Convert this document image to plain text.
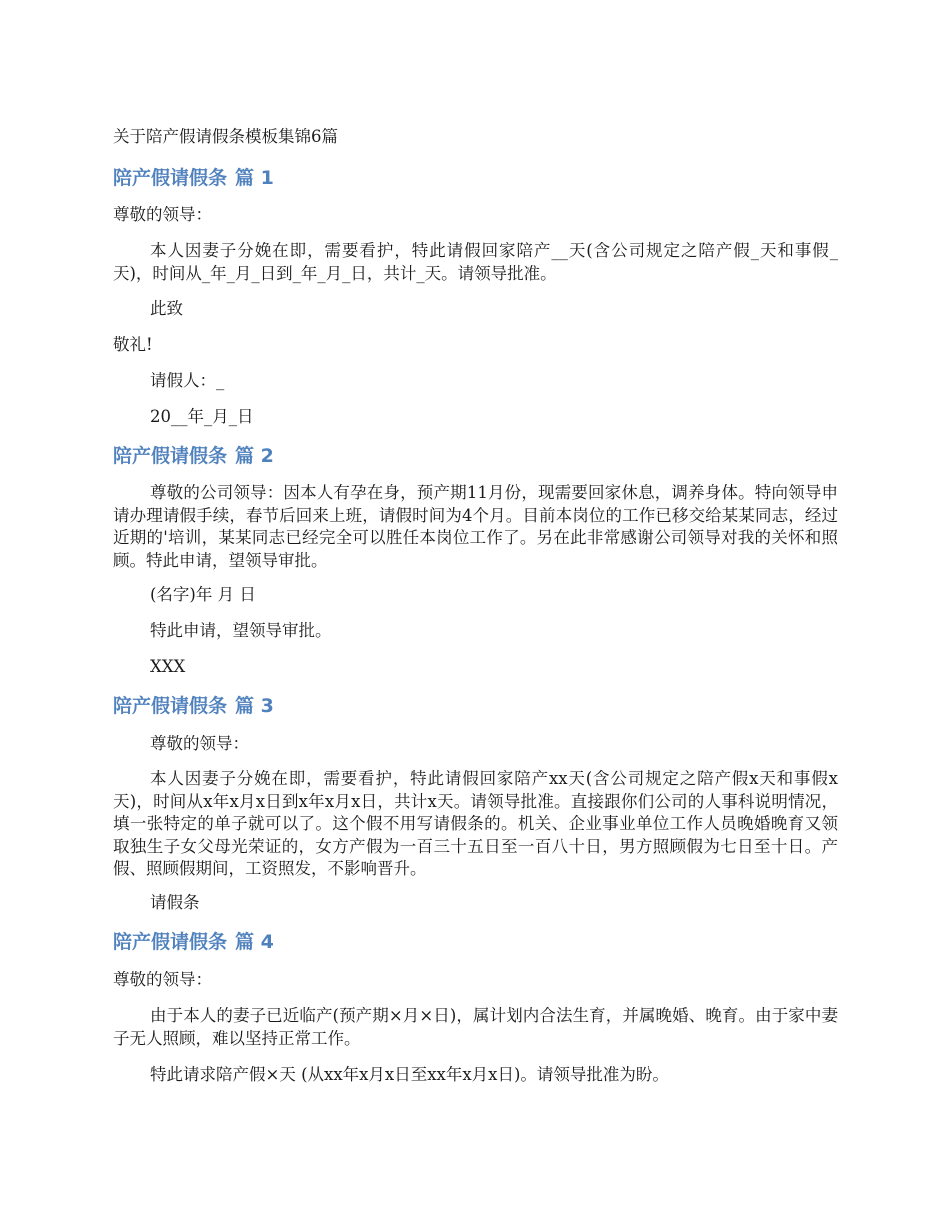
关于陪产假请假条模板集锦6篇

陪产假请假条 篇 1

尊敬的领导：

本人因妻子分娩在即，需要看护，特此请假回家陪产__天(含公司规定之陪产假_天和事假_天)，时间从_年_月_日到_年_月_日，共计_天。请领导批准。

此致

敬礼!

请假人：_

20__年_月_日

陪产假请假条 篇 2

尊敬的公司领导：因本人有孕在身，预产期11月份，现需要回家休息，调养身体。特向领导申请办理请假手续，春节后回来上班，请假时间为4个月。目前本岗位的工作已移交给某某同志，经过近期的'培训，某某同志已经完全可以胜任本岗位工作了。另在此非常感谢公司领导对我的关怀和照顾。特此申请，望领导审批。

(名字)年 月 日

特此申请，望领导审批。

XXX

陪产假请假条 篇 3

尊敬的领导：

本人因妻子分娩在即，需要看护，特此请假回家陪产xx天(含公司规定之陪产假x天和事假x天)，时间从x年x月x日到x年x月x日，共计x天。请领导批准。直接跟你们公司的人事科说明情况，填一张特定的单子就可以了。这个假不用写请假条的。机关、企业事业单位工作人员晚婚晚育又领取独生子女父母光荣证的，女方产假为一百三十五日至一百八十日，男方照顾假为七日至十日。产假、照顾假期间，工资照发，不影响晋升。

请假条

陪产假请假条 篇 4

尊敬的领导：

由于本人的妻子已近临产(预产期×月×日)，属计划内合法生育，并属晚婚、晚育。由于家中妻子无人照顾，难以坚持正常工作。

特此请求陪产假×天 (从xx年x月x日至xx年x月x日)。请领导批准为盼。
